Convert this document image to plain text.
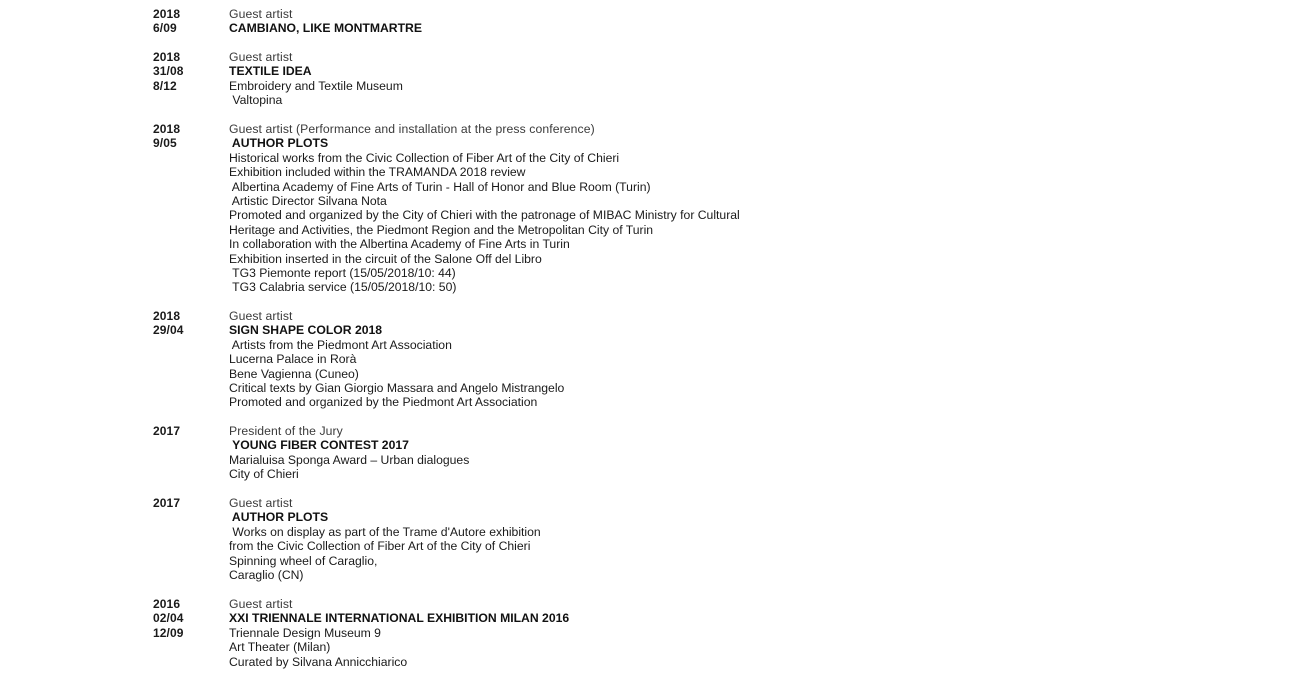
2018
6/09
Guest artist
CAMBIANO, LIKE MONTMARTRE
2018
31/08
8/12
Guest artist
TEXTILE IDEA
Embroidery and Textile Museum
Valtopina
2018
9/05
Guest artist (Performance and installation at the press conference)
AUTHOR PLOTS
Historical works from the Civic Collection of Fiber Art of the City of Chieri
Exhibition included within the TRAMANDA 2018 review
Albertina Academy of Fine Arts of Turin - Hall of Honor and Blue Room (Turin)
Artistic Director Silvana Nota
Promoted and organized by the City of Chieri with the patronage of MIBAC Ministry for Cultural
Heritage and Activities, the Piedmont Region and the Metropolitan City of Turin
In collaboration with the Albertina Academy of Fine Arts in Turin
Exhibition inserted in the circuit of the Salone Off del Libro
TG3 Piemonte report (15/05/2018/10: 44)
TG3 Calabria service (15/05/2018/10: 50)
2018
29/04
Guest artist
SIGN SHAPE COLOR 2018
Artists from the Piedmont Art Association
Lucerna Palace in Rorà
Bene Vagienna (Cuneo)
Critical texts by Gian Giorgio Massara and Angelo Mistrangelo
Promoted and organized by the Piedmont Art Association
2017	President of the Jury
YOUNG FIBER CONTEST 2017
Marialuisa Sponga Award – Urban dialogues
City of Chieri
2017	Guest artist
AUTHOR PLOTS
Works on display as part of the Trame d'Autore exhibition
from the Civic Collection of Fiber Art of the City of Chieri
Spinning wheel of Caraglio,
Caraglio (CN)
2016
02/04
12/09
Guest artist
XXI TRIENNALE INTERNATIONAL EXHIBITION MILAN 2016
Triennale Design Museum 9
Art Theater (Milan)
Curated by Silvana Annicchiarico
